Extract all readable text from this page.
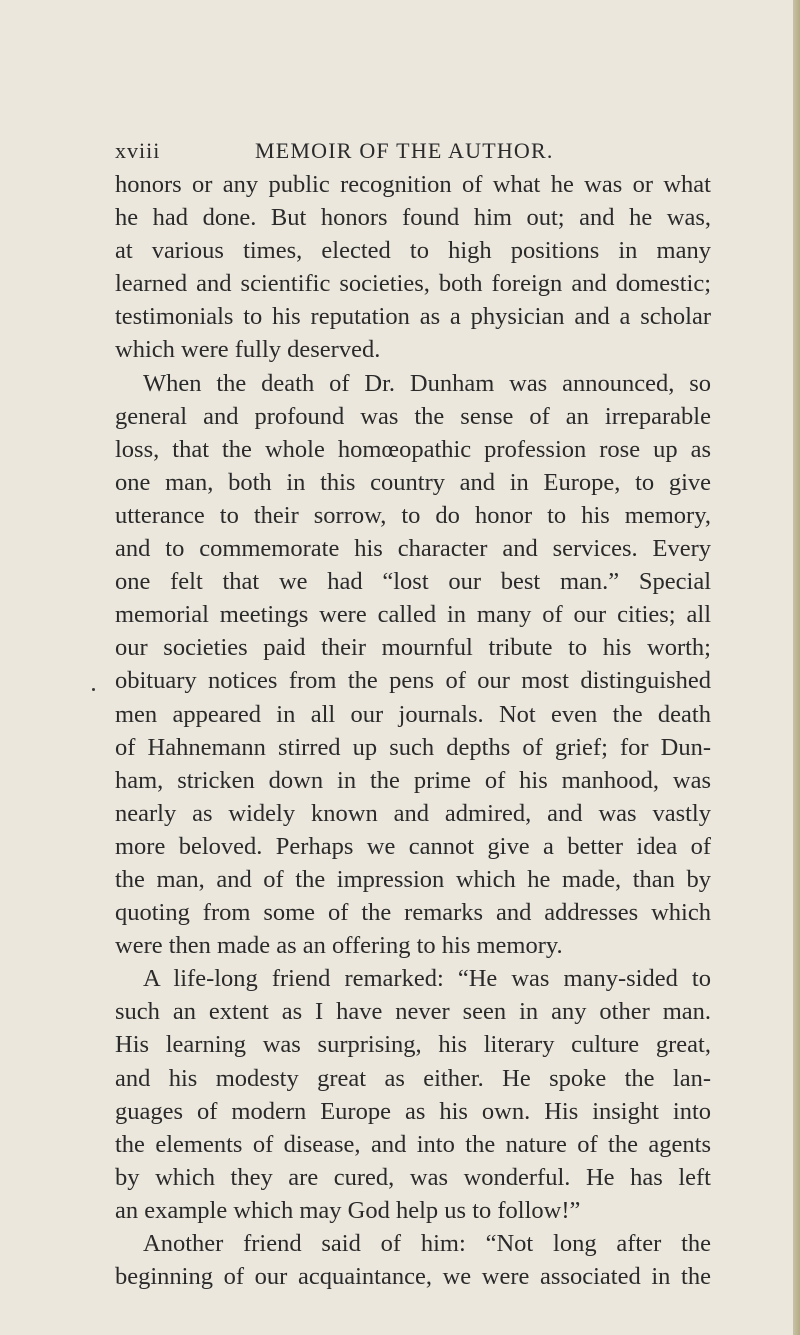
xviii	MEMOIR OF THE AUTHOR.
honors or any public recognition of what he was or what
he had done. But honors found him out; and he was,
at various times, elected to high positions in many
learned and scientific societies, both foreign and domestic;
testimonials to his reputation as a physician and a scholar
which were fully deserved.
When the death of Dr. Dunham was announced, so
general and profound was the sense of an irreparable
loss, that the whole homœopathic profession rose up as
one man, both in this country and in Europe, to give
utterance to their sorrow, to do honor to his memory,
and to commemorate his character and services. Every
one felt that we had “lost our best man.” Special
memorial meetings were called in many of our cities; all
our societies paid their mournful tribute to his worth;
obituary notices from the pens of our most distinguished
men appeared in all our journals. Not even the death
of Hahnemann stirred up such depths of grief; for Dun-
ham, stricken down in the prime of his manhood, was
nearly as widely known and admired, and was vastly
more beloved. Perhaps we cannot give a better idea of
the man, and of the impression which he made, than by
quoting from some of the remarks and addresses which
were then made as an offering to his memory.
A life-long friend remarked: “He was many-sided to
such an extent as I have never seen in any other man.
His learning was surprising, his literary culture great,
and his modesty great as either. He spoke the lan-
guages of modern Europe as his own. His insight into
the elements of disease, and into the nature of the agents
by which they are cured, was wonderful. He has left
an example which may God help us to follow!”
Another friend said of him: “Not long after the
beginning of our acquaintance, we were associated in the
